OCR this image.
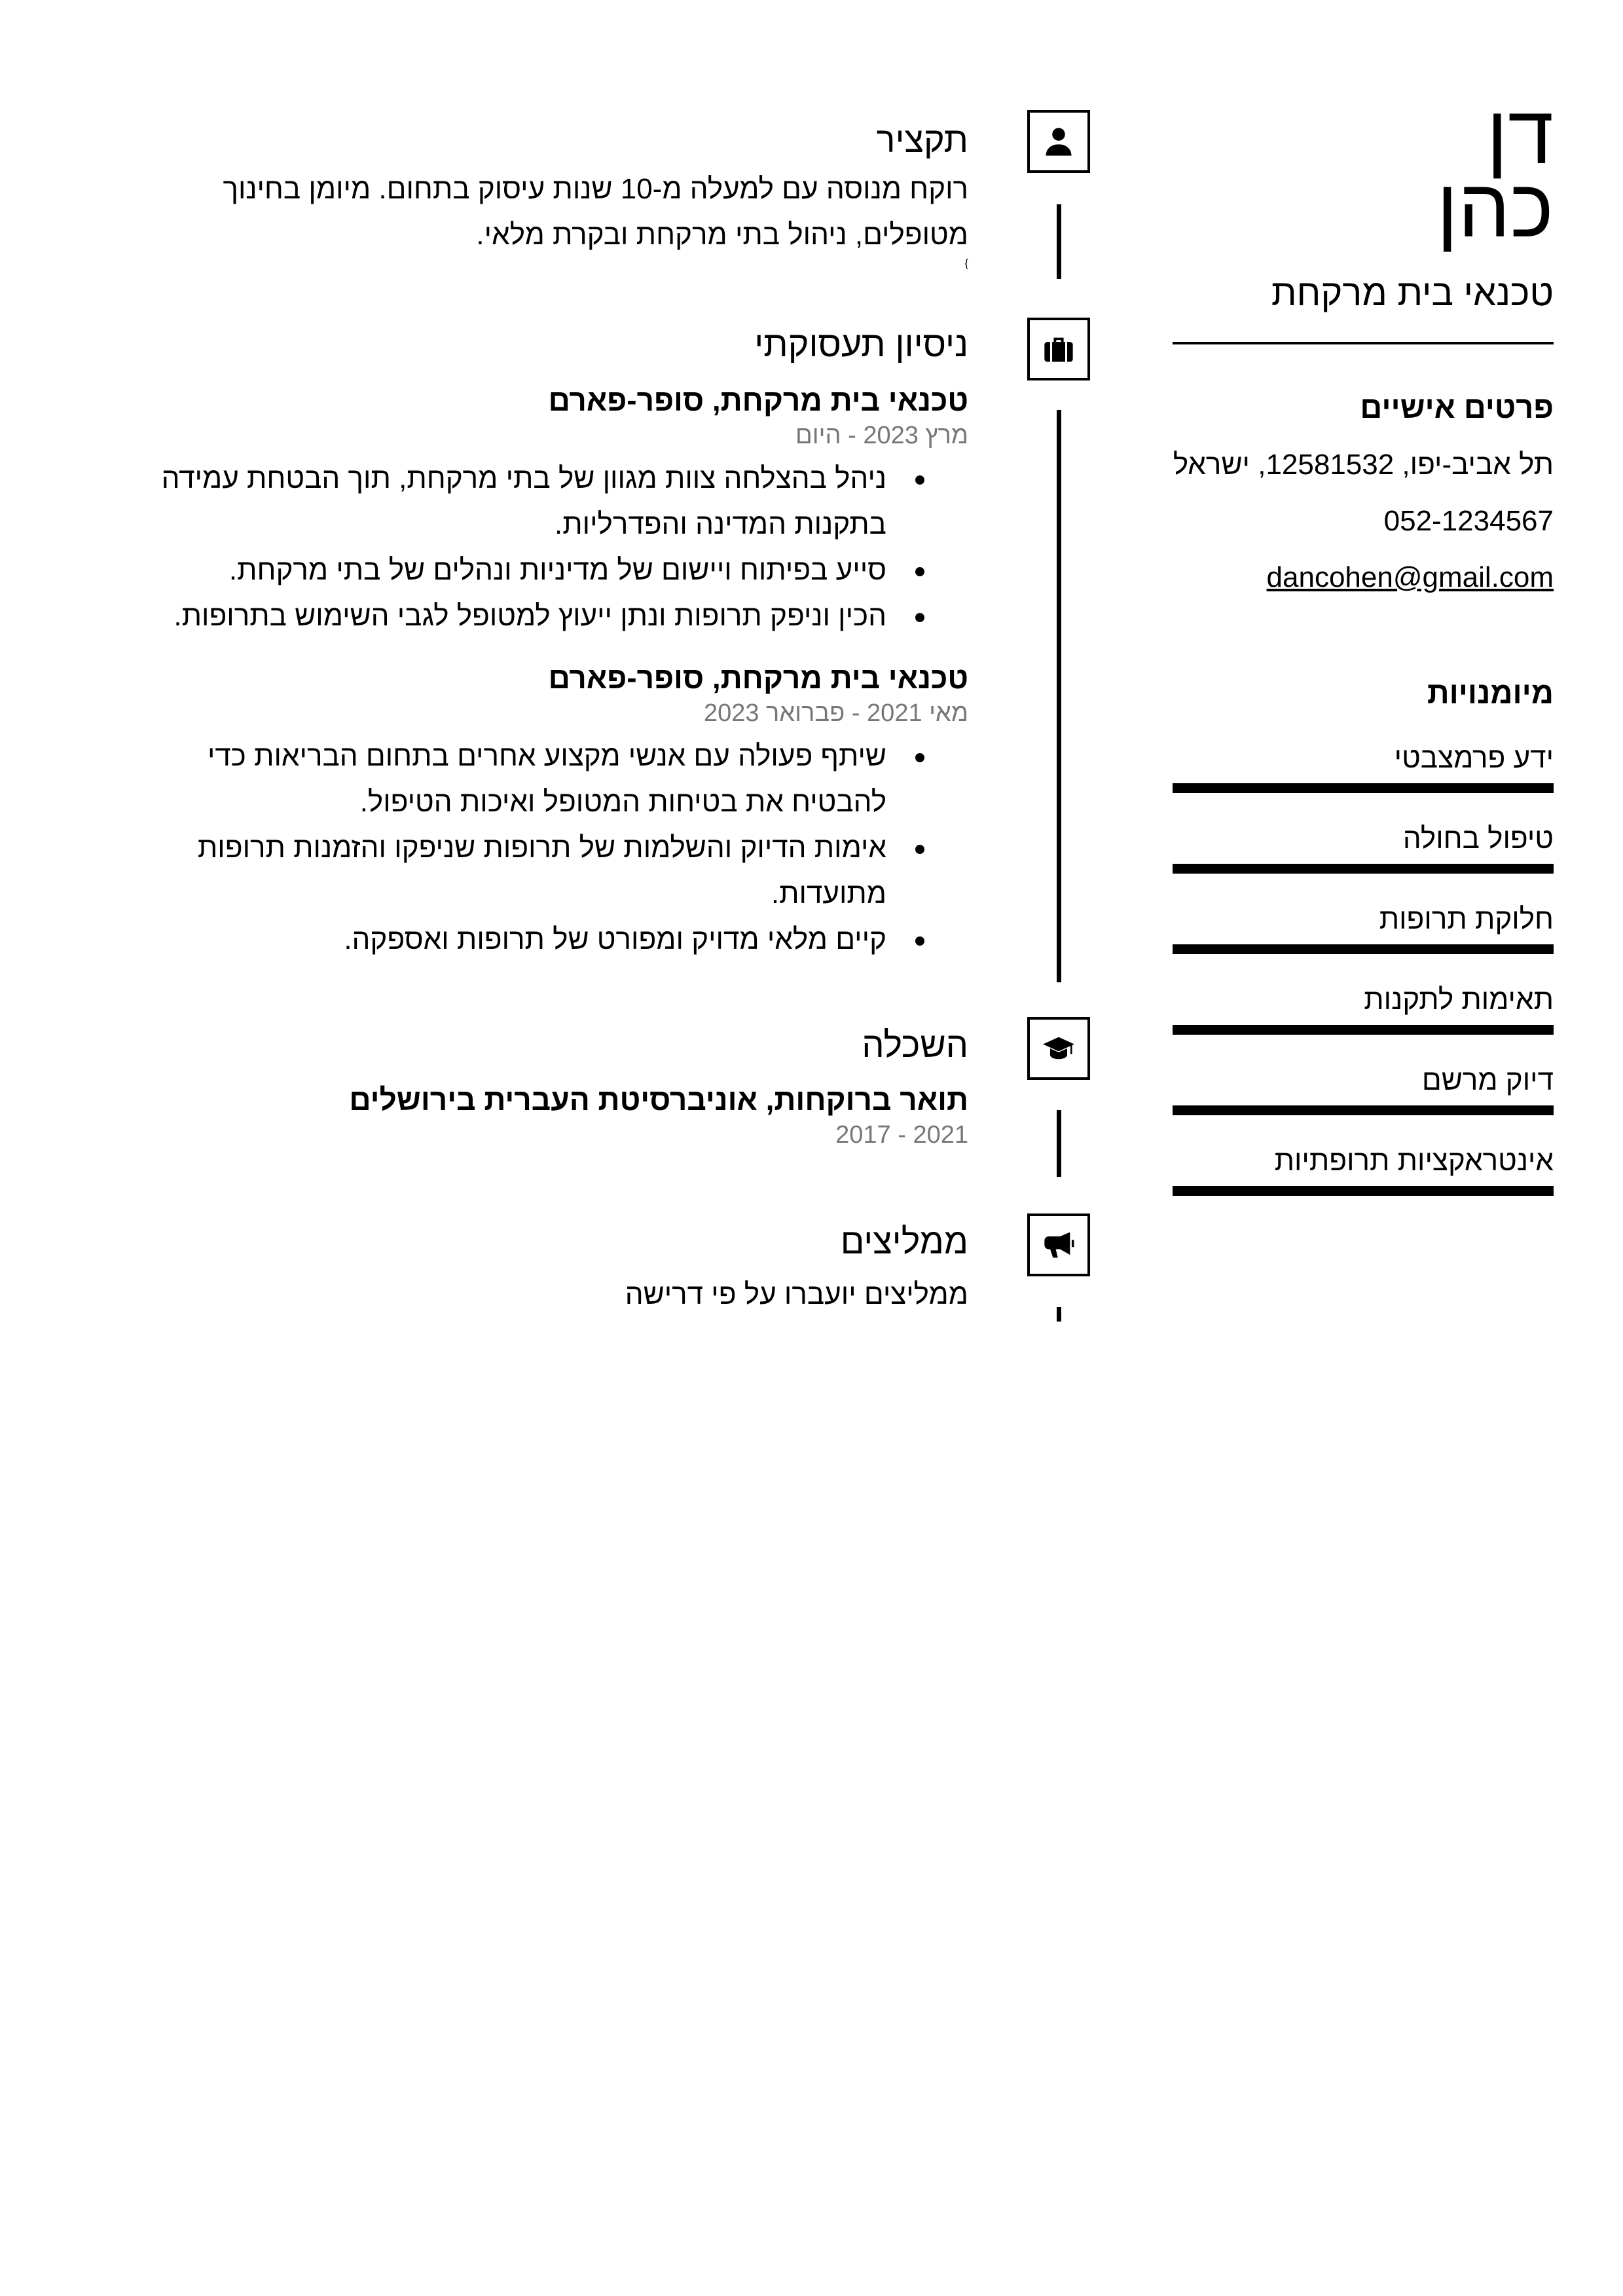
דן
כהן
טכנאי בית מרקחת
פרטים אישיים
תל אביב-יפו, 12581532, ישראל
052-1234567
dancohen@gmail.com
מיומנויות
ידע פרמצבטי
טיפול בחולה
חלוקת תרופות
תאימות לתקנות
דיוק מרשם
אינטראקציות תרופתיות
תקציר
רוקח מנוסה עם למעלה מ-10 שנות עיסוק בתחום. מיומן בחינוך מטופלים, ניהול בתי מרקחת ובקרת מלאי.
}
ניסיון תעסוקתי
טכנאי בית מרקחת, סופר-פארם
מרץ 2023 - היום
ניהל בהצלחה צוות מגוון של בתי מרקחת, תוך הבטחת עמידה בתקנות המדינה והפדרליות.
סייע בפיתוח ויישום של מדיניות ונהלים של בתי מרקחת.
הכין וניפק תרופות ונתן ייעוץ למטופל לגבי השימוש בתרופות.
טכנאי בית מרקחת, סופר-פארם
מאי 2021 - פברואר 2023
שיתף פעולה עם אנשי מקצוע אחרים בתחום הבריאות כדי להבטיח את בטיחות המטופל ואיכות הטיפול.
אימות הדיוק והשלמות של תרופות שניפקו והזמנות תרופות מתועדות.
קיים מלאי מדויק ומפורט של תרופות ואספקה.
השכלה
תואר ברוקחות, אוניברסיטת העברית בירושלים
2021 - 2017
ממליצים
ממליצים יועברו על פי דרישה
